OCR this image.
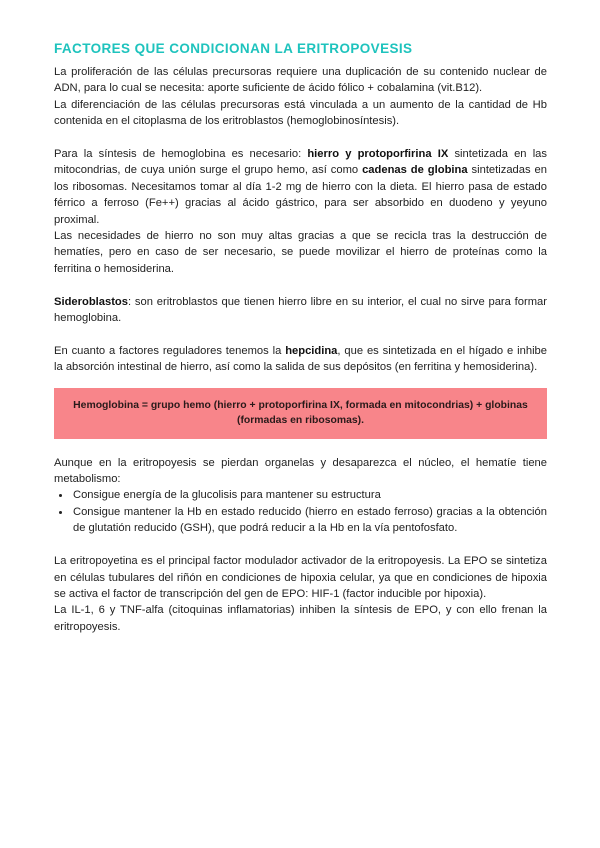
FACTORES QUE CONDICIONAN LA ERITROPOVESIS

La proliferación de las células precursoras requiere una duplicación de su contenido nuclear de ADN, para lo cual se necesita: aporte suficiente de ácido fólico + cobalamina (vit.B12).

La diferenciación de las células precursoras está vinculada a un aumento de la cantidad de Hb contenida en el citoplasma de los eritroblastos (hemoglobinosíntesis).

Para la síntesis de hemoglobina es necesario: hierro y protoporfirina IX sintetizada en las mitocondrias, de cuya unión surge el grupo hemo, así como cadenas de globina sintetizadas en los ribosomas. Necesitamos tomar al día 1-2 mg de hierro con la dieta. El hierro pasa de estado férrico a ferroso (Fe++) gracias al ácido gástrico, para ser absorbido en duodeno y yeyuno proximal.

Las necesidades de hierro no son muy altas gracias a que se recicla tras la destrucción de hematíes, pero en caso de ser necesario, se puede movilizar el hierro de proteínas como la ferritina o hemosiderina.

Sideroblastos: son eritroblastos que tienen hierro libre en su interior, el cual no sirve para formar hemoglobina.

En cuanto a factores reguladores tenemos la hepcidina, que es sintetizada en el hígado e inhibe la absorción intestinal de hierro, así como la salida de sus depósitos (en ferritina y hemosiderina).

Hemoglobina = grupo hemo (hierro + protoporfirina IX, formada en mitocondrias) + globinas (formadas en ribosomas).

Aunque en la eritropoyesis se pierdan organelas y desaparezca el núcleo, el hematíe tiene metabolismo:

• Consigue energía de la glucolisis para mantener su estructura
• Consigue mantener la Hb en estado reducido (hierro en estado ferroso) gracias a la obtención de glutatión reducido (GSH), que podrá reducir a la Hb en la vía pentofosfato.

La eritropoyetina es el principal factor modulador activador de la eritropoyesis. La EPO se sintetiza en células tubulares del riñón en condiciones de hipoxia celular, ya que en condiciones de hipoxia se activa el factor de transcripción del gen de EPO: HIF-1 (factor inducible por hipoxia).

La IL-1, 6 y TNF-alfa (citoquinas inflamatorias) inhiben la síntesis de EPO, y con ello frenan la eritropoyesis.
